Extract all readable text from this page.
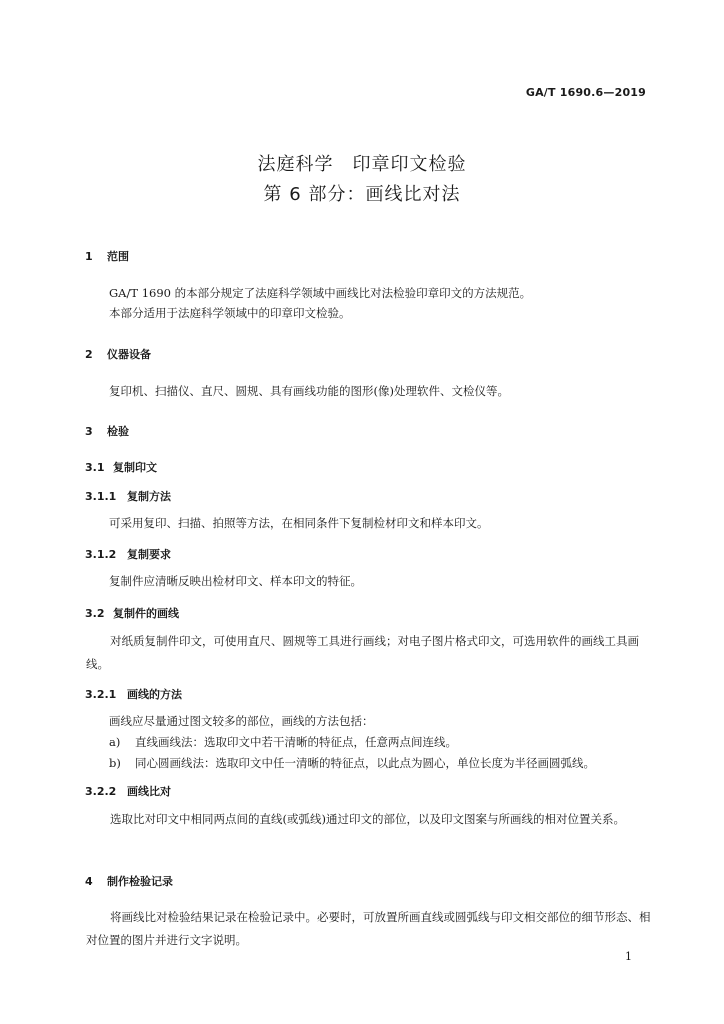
GA/T 1690.6—2019
法庭科学　印章印文检验
第 6 部分：画线比对法
1 范围
GA/T 1690 的本部分规定了法庭科学领域中画线比对法检验印章印文的方法规范。
本部分适用于法庭科学领域中的印章印文检验。
2 仪器设备
复印机、扫描仪、直尺、圆规、具有画线功能的图形(像)处理软件、文检仪等。
3 检验
3.1 复制印文
3.1.1 复制方法
可采用复印、扫描、拍照等方法，在相同条件下复制检材印文和样本印文。
3.1.2 复制要求
复制件应清晰反映出检材印文、样本印文的特征。
3.2 复制件的画线
对纸质复制件印文，可使用直尺、圆规等工具进行画线；对电子图片格式印文，可选用软件的画线工具画线。
3.2.1 画线的方法
画线应尽量通过图文较多的部位，画线的方法包括：
a) 直线画线法：选取印文中若干清晰的特征点，任意两点间连线。
b) 同心圆画线法：选取印文中任一清晰的特征点，以此点为圆心，单位长度为半径画圆弧线。
3.2.2 画线比对
选取比对印文中相同两点间的直线(或弧线)通过印文的部位，以及印文图案与所画线的相对位置关系。
4 制作检验记录
将画线比对检验结果记录在检验记录中。必要时，可放置所画直线或圆弧线与印文相交部位的细节形态、相对位置的图片并进行文字说明。
1
